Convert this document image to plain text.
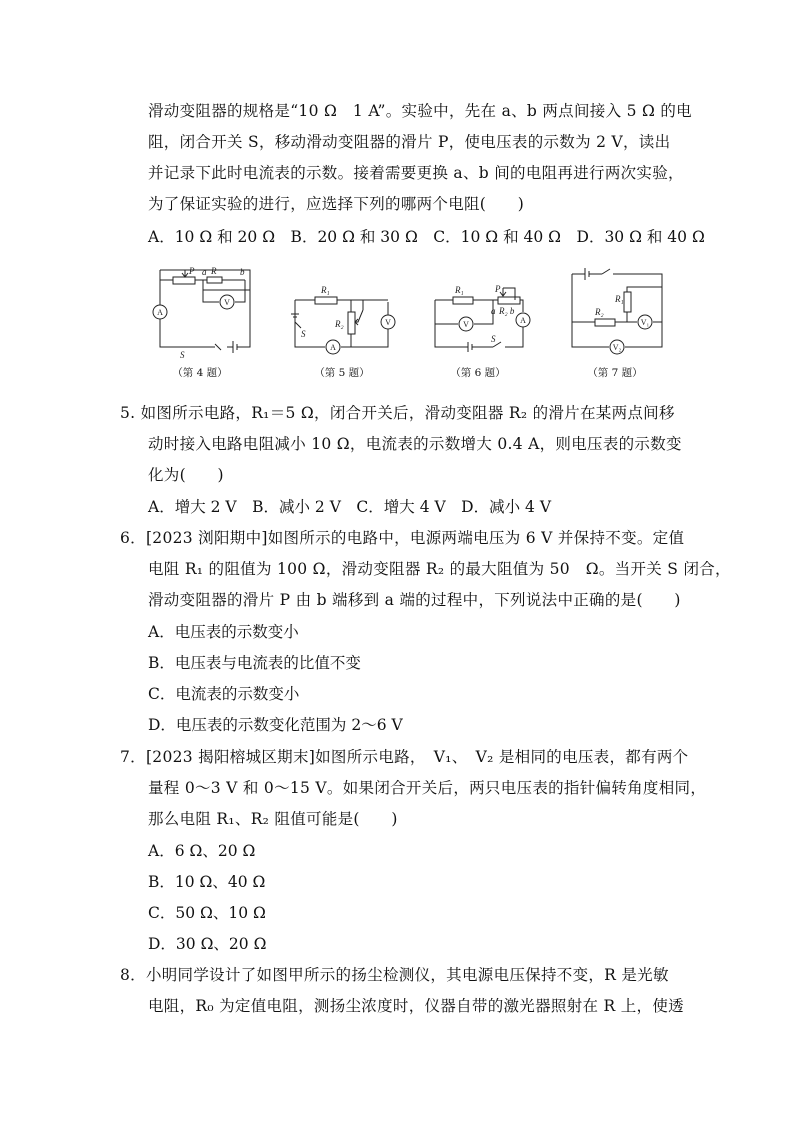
滑动变阻器的规格是“10 Ω　1 A”。实验中，先在 a、b 两点间接入 5 Ω 的电
阻，闭合开关 S，移动滑动变阻器的滑片 P，使电压表的示数为 2 V，读出
并记录下此时电流表的示数。接着需要更换 a、b 间的电阻再进行两次实验，
为了保证实验的进行，应选择下列的哪两个电阻(　　)
A．10 Ω 和 20 Ω　B．20 Ω 和 30 Ω　C．10 Ω 和 40 Ω　D．30 Ω 和 40 Ω
P R
a	b
V
A
S
R₁
R₂
S
A
V
R₁	P
a R₂ b
V	A
S
R₁
R₂
V₁
V₂
（第 4 题）	（第 5 题）	（第 6 题）	（第 7 题）
5. 如图所示电路，R₁＝5 Ω，闭合开关后，滑动变阻器 R₂ 的滑片在某两点间移
动时接入电路电阻减小 10 Ω，电流表的示数增大 0.4 A，则电压表的示数变
化为(　　)
A．增大 2 V　B．减小 2 V　C．增大 4 V　D．减小 4 V
6．[2023 浏阳期中]如图所示的电路中，电源两端电压为 6 V 并保持不变。定值
电阻 R₁ 的阻值为 100 Ω，滑动变阻器 R₂ 的最大阻值为 50　Ω。当开关 S 闭合，
滑动变阻器的滑片 P 由 b 端移到 a 端的过程中，下列说法中正确的是(　　)
A．电压表的示数变小
B．电压表与电流表的比值不变
C．电流表的示数变小
D．电压表的示数变化范围为 2～6 V
7．[2023 揭阳榕城区期末]如图所示电路，　V₁、　V₂ 是相同的电压表，都有两个
量程 0～3 V 和 0～15 V。如果闭合开关后，两只电压表的指针偏转角度相同，
那么电阻 R₁、R₂ 阻值可能是(　　)
A．6 Ω、20 Ω
B．10 Ω、40 Ω
C．50 Ω、10 Ω
D．30 Ω、20 Ω
8．小明同学设计了如图甲所示的扬尘检测仪，其电源电压保持不变，R 是光敏
电阻，R₀ 为定值电阻，测扬尘浓度时，仪器自带的激光器照射在 R 上，使透
